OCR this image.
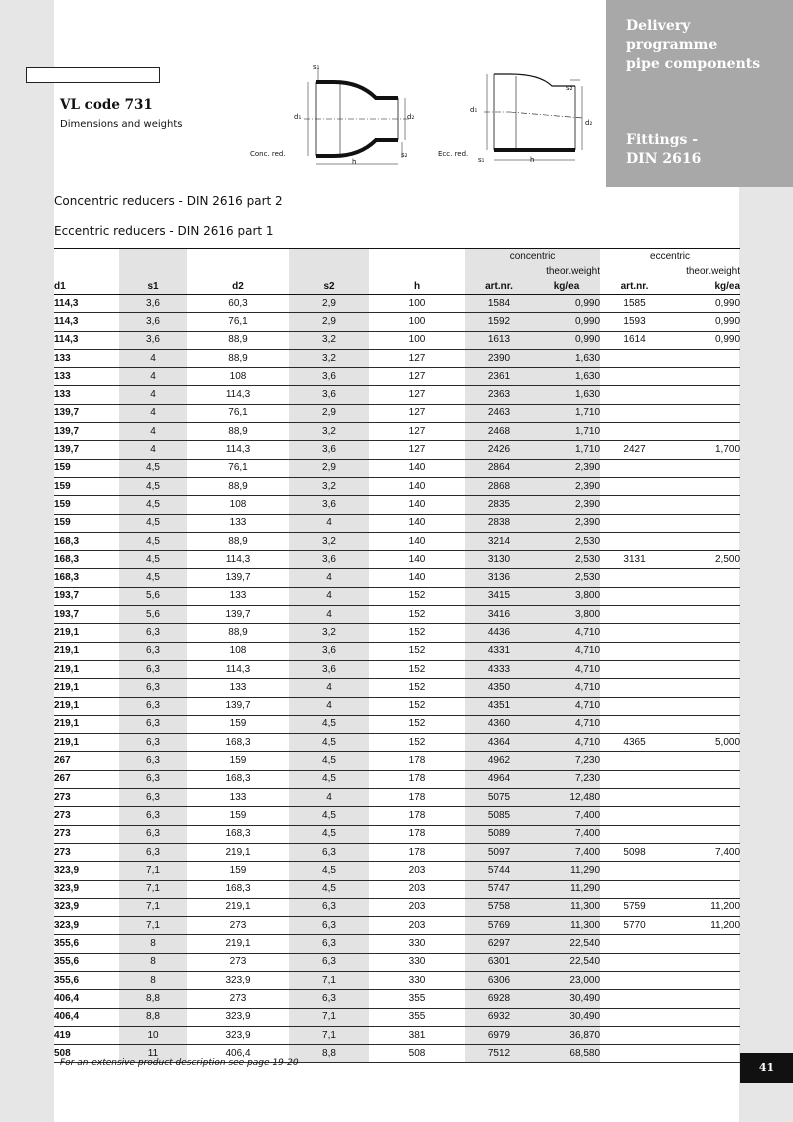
Delivery
programme
pipe components
Fittings -
DIN 2616
VL code 731
Dimensions and weights
s₁
d₁	d₂
s₂
h
Conc. red.
s₂
d₁
d₂
s₁	h
Ecc. red.
Concentric reducers - DIN 2616 part 2
Eccentric reducers - DIN 2616 part 1
					concentric		eccentric	
						theor.weight		theor.weight
d1	s1	d2	s2	h	art.nr.	kg/ea	art.nr.	kg/ea
114,3	3,6	60,3	2,9	100	1584	0,990	1585	0,990
114,3	3,6	76,1	2,9	100	1592	0,990	1593	0,990
114,3	3,6	88,9	3,2	100	1613	0,990	1614	0,990
133	4	88,9	3,2	127	2390	1,630		
133	4	108	3,6	127	2361	1,630		
133	4	114,3	3,6	127	2363	1,630		
139,7	4	76,1	2,9	127	2463	1,710		
139,7	4	88,9	3,2	127	2468	1,710		
139,7	4	114,3	3,6	127	2426	1,710	2427	1,700
159	4,5	76,1	2,9	140	2864	2,390		
159	4,5	88,9	3,2	140	2868	2,390		
159	4,5	108	3,6	140	2835	2,390		
159	4,5	133	4	140	2838	2,390		
168,3	4,5	88,9	3,2	140	3214	2,530		
168,3	4,5	114,3	3,6	140	3130	2,530	3131	2,500
168,3	4,5	139,7	4	140	3136	2,530		
193,7	5,6	133	4	152	3415	3,800		
193,7	5,6	139,7	4	152	3416	3,800		
219,1	6,3	88,9	3,2	152	4436	4,710		
219,1	6,3	108	3,6	152	4331	4,710		
219,1	6,3	114,3	3,6	152	4333	4,710		
219,1	6,3	133	4	152	4350	4,710		
219,1	6,3	139,7	4	152	4351	4,710		
219,1	6,3	159	4,5	152	4360	4,710		
219,1	6,3	168,3	4,5	152	4364	4,710	4365	5,000
267	6,3	159	4,5	178	4962	7,230		
267	6,3	168,3	4,5	178	4964	7,230		
273	6,3	133	4	178	5075	12,480		
273	6,3	159	4,5	178	5085	7,400		
273	6,3	168,3	4,5	178	5089	7,400		
273	6,3	219,1	6,3	178	5097	7,400	5098	7,400
323,9	7,1	159	4,5	203	5744	11,290		
323,9	7,1	168,3	4,5	203	5747	11,290		
323,9	7,1	219,1	6,3	203	5758	11,300	5759	11,200
323,9	7,1	273	6,3	203	5769	11,300	5770	11,200
355,6	8	219,1	6,3	330	6297	22,540		
355,6	8	273	6,3	330	6301	22,540		
355,6	8	323,9	7,1	330	6306	23,000		
406,4	8,8	273	6,3	355	6928	30,490		
406,4	8,8	323,9	7,1	355	6932	30,490		
419	10	323,9	7,1	381	6979	36,870		
508	11	406,4	8,8	508	7512	68,580		
For an extensive product description see page 19-20	41
